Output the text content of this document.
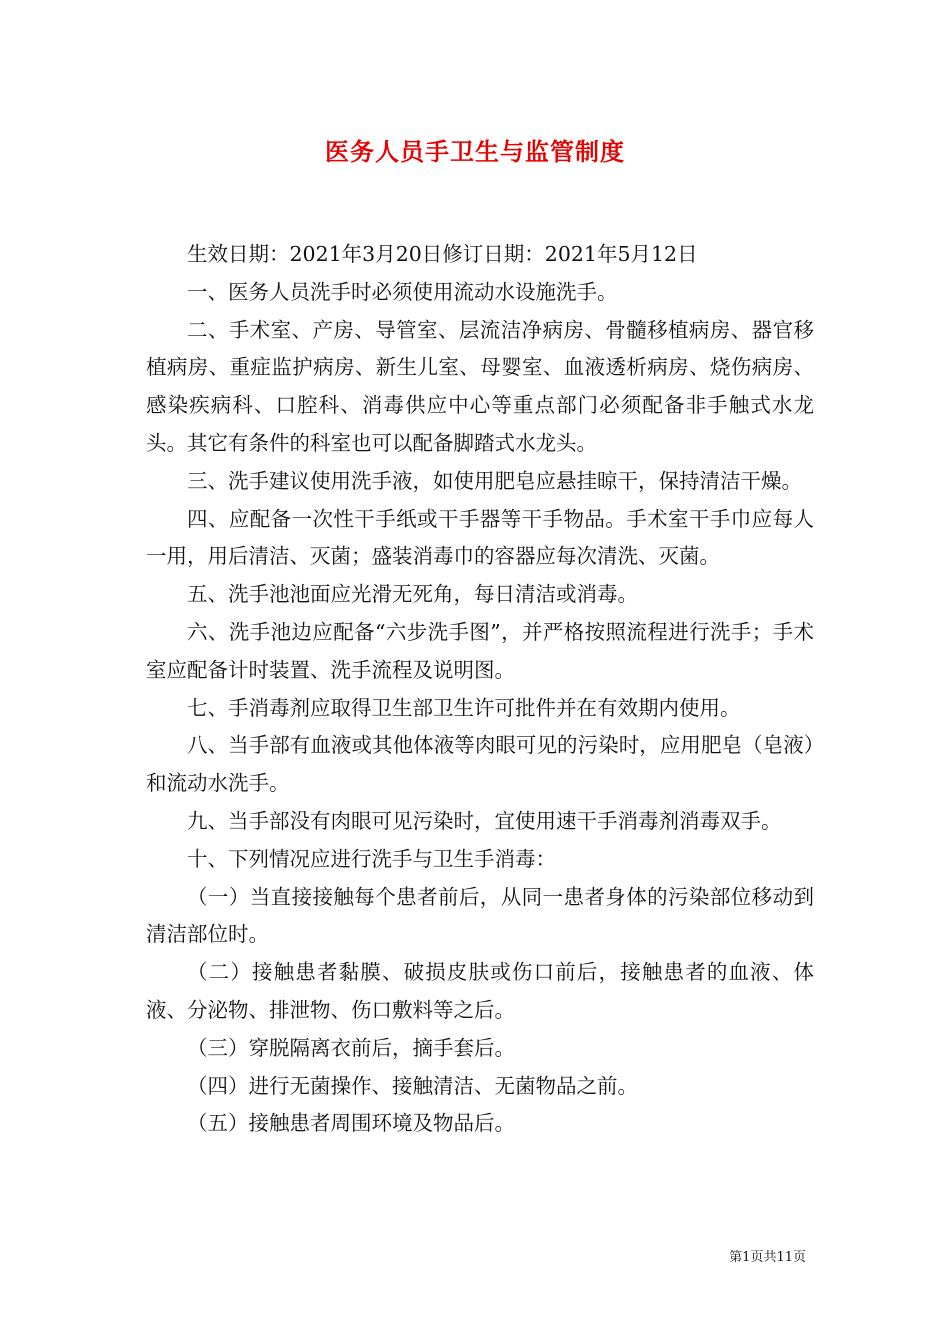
医务人员手卫生与监管制度

生效日期：2021年3月20日修订日期：2021年5月12日

一、医务人员洗手时必须使用流动水设施洗手。

二、手术室、产房、导管室、层流洁净病房、骨髓移植病房、器官移植病房、重症监护病房、新生儿室、母婴室、血液透析病房、烧伤病房、感染疾病科、口腔科、消毒供应中心等重点部门必须配备非手触式水龙头。其它有条件的科室也可以配备脚踏式水龙头。

三、洗手建议使用洗手液，如使用肥皂应悬挂晾干，保持清洁干燥。

四、应配备一次性干手纸或干手器等干手物品。手术室干手巾应每人一用，用后清洁、灭菌；盛装消毒巾的容器应每次清洗、灭菌。

五、洗手池池面应光滑无死角，每日清洁或消毒。

六、洗手池边应配备“六步洗手图”，并严格按照流程进行洗手；手术室应配备计时装置、洗手流程及说明图。

七、手消毒剂应取得卫生部卫生许可批件并在有效期内使用。

八、当手部有血液或其他体液等肉眼可见的污染时，应用肥皂（皂液）和流动水洗手。

九、当手部没有肉眼可见污染时，宜使用速干手消毒剂消毒双手。

十、下列情况应进行洗手与卫生手消毒：

（一）当直接接触每个患者前后，从同一患者身体的污染部位移动到清洁部位时。

（二）接触患者黏膜、破损皮肤或伤口前后，接触患者的血液、体液、分泌物、排泄物、伤口敷料等之后。

（三）穿脱隔离衣前后，摘手套后。

（四）进行无菌操作、接触清洁、无菌物品之前。

（五）接触患者周围环境及物品后。

第1页共11页
